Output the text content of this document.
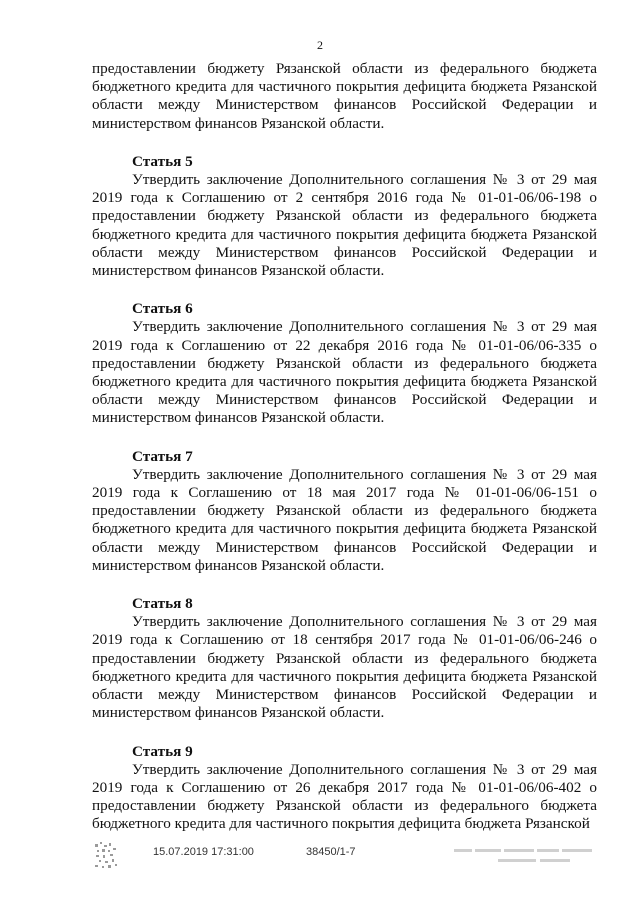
2

предоставлении бюджету Рязанской области из федерального бюджета бюджетного кредита для частичного покрытия дефицита бюджета Рязанской области между Министерством финансов Российской Федерации и министерством финансов Рязанской области.

Статья 5

Утвердить заключение Дополнительного соглашения № 3 от 29 мая 2019 года к Соглашению от 2 сентября 2016 года № 01-01-06/06-198 о предоставлении бюджету Рязанской области из федерального бюджета бюджетного кредита для частичного покрытия дефицита бюджета Рязанской области между Министерством финансов Российской Федерации и министерством финансов Рязанской области.

Статья 6

Утвердить заключение Дополнительного соглашения № 3 от 29 мая 2019 года к Соглашению от 22 декабря 2016 года № 01-01-06/06-335 о предоставлении бюджету Рязанской области из федерального бюджета бюджетного кредита для частичного покрытия дефицита бюджета Рязанской области между Министерством финансов Российской Федерации и министерством финансов Рязанской области.

Статья 7

Утвердить заключение Дополнительного соглашения № 3 от 29 мая 2019 года к Соглашению от 18 мая 2017 года № 01-01-06/06-151 о предоставлении бюджету Рязанской области из федерального бюджета бюджетного кредита для частичного покрытия дефицита бюджета Рязанской области между Министерством финансов Российской Федерации и министерством финансов Рязанской области.

Статья 8

Утвердить заключение Дополнительного соглашения № 3 от 29 мая 2019 года к Соглашению от 18 сентября 2017 года № 01-01-06/06-246 о предоставлении бюджету Рязанской области из федерального бюджета бюджетного кредита для частичного покрытия дефицита бюджета Рязанской области между Министерством финансов Российской Федерации и министерством финансов Рязанской области.

Статья 9

Утвердить заключение Дополнительного соглашения № 3 от 29 мая 2019 года к Соглашению от 26 декабря 2017 года № 01-01-06/06-402 о предоставлении бюджету Рязанской области из федерального бюджета бюджетного кредита для частичного покрытия дефицита бюджета Рязанской

15.07.2019 17:31:00	38450/1-7
